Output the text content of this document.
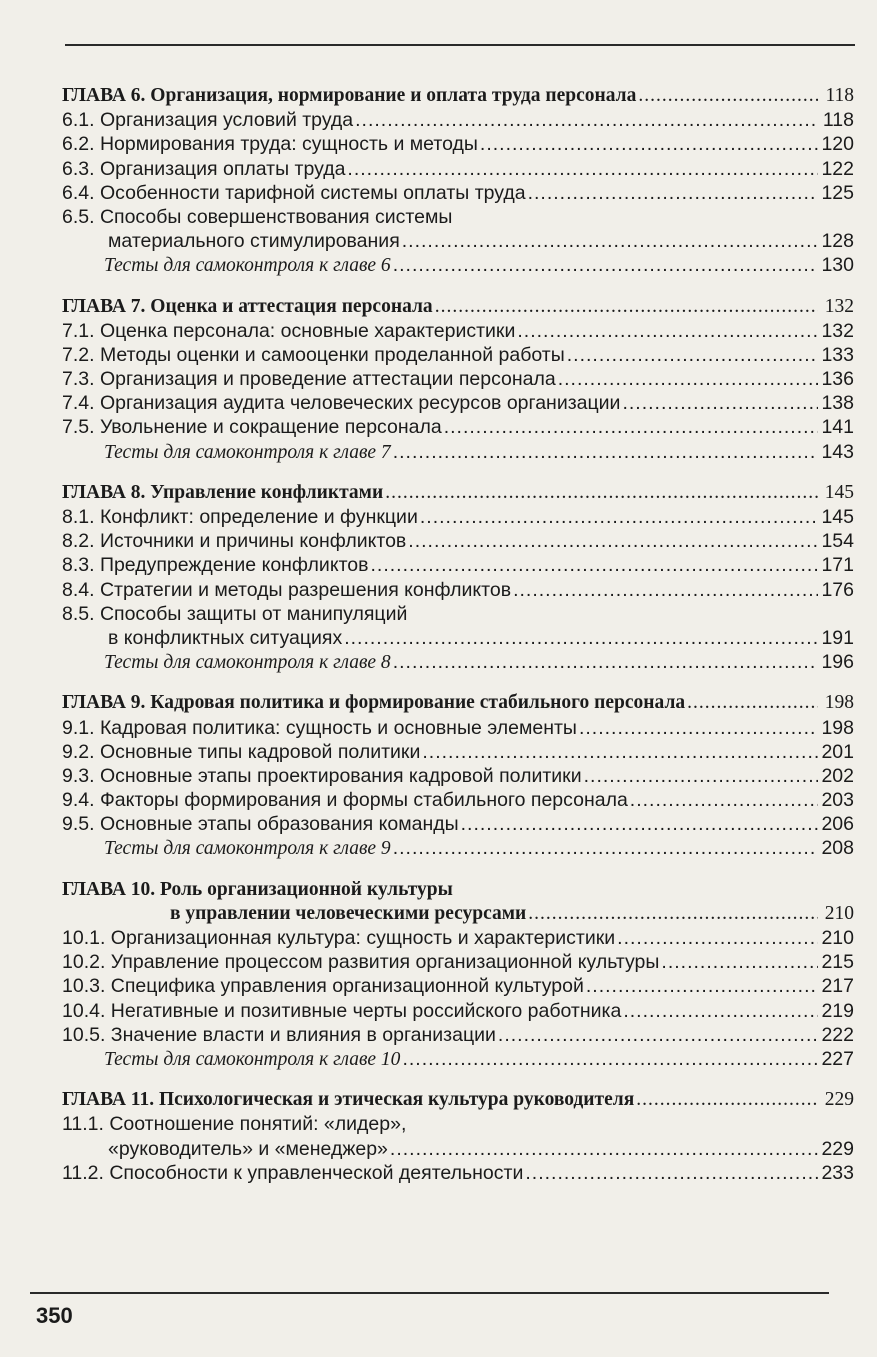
ГЛАВА 6. Организация, нормирование и оплата труда персонала .....	118
6.1. Организация условий труда .....	118
6.2. Нормирования труда: сущность и методы .....	120
6.3. Организация оплаты труда .....	122
6.4. Особенности тарифной системы оплаты труда .....	125
6.5. Способы совершенствования системы
материального стимулирования .....	128
Тесты для самоконтроля к главе 6 .....	130
ГЛАВА 7. Оценка и аттестация персонала .....	132
7.1. Оценка персонала: основные характеристики .....	132
7.2. Методы оценки и самооценки проделанной работы .....	133
7.3. Организация и проведение аттестации персонала .....	136
7.4. Организация аудита человеческих ресурсов организации .....	138
7.5. Увольнение и сокращение персонала .....	141
Тесты для самоконтроля к главе 7 .....	143
ГЛАВА 8. Управление конфликтами .....	145
8.1. Конфликт: определение и функции .....	145
8.2. Источники и причины конфликтов .....	154
8.3. Предупреждение конфликтов .....	171
8.4. Стратегии и методы разрешения конфликтов .....	176
8.5. Способы защиты от манипуляций
в конфликтных ситуациях .....	191
Тесты для самоконтроля к главе 8 .....	196
ГЛАВА 9. Кадровая политика и формирование стабильного персонала .....	198
9.1. Кадровая политика: сущность и основные элементы .....	198
9.2. Основные типы кадровой политики .....	201
9.3. Основные этапы проектирования кадровой политики .....	202
9.4. Факторы формирования и формы стабильного персонала .....	203
9.5. Основные этапы образования команды .....	206
Тесты для самоконтроля к главе 9 .....	208
ГЛАВА 10. Роль организационной культуры
в управлении человеческими ресурсами .....	210
10.1. Организационная культура: сущность и характеристики .....	210
10.2. Управление процессом развития организационной культуры .....	215
10.3. Специфика управления организационной культурой .....	217
10.4. Негативные и позитивные черты российского работника .....	219
10.5. Значение власти и влияния в организации .....	222
Тесты для самоконтроля к главе 10 .....	227
ГЛАВА 11. Психологическая и этическая культура руководителя .....	229
11.1. Соотношение понятий: «лидер»,
«руководитель» и «менеджер» .....	229
11.2. Способности к управленческой деятельности .....	233
350
